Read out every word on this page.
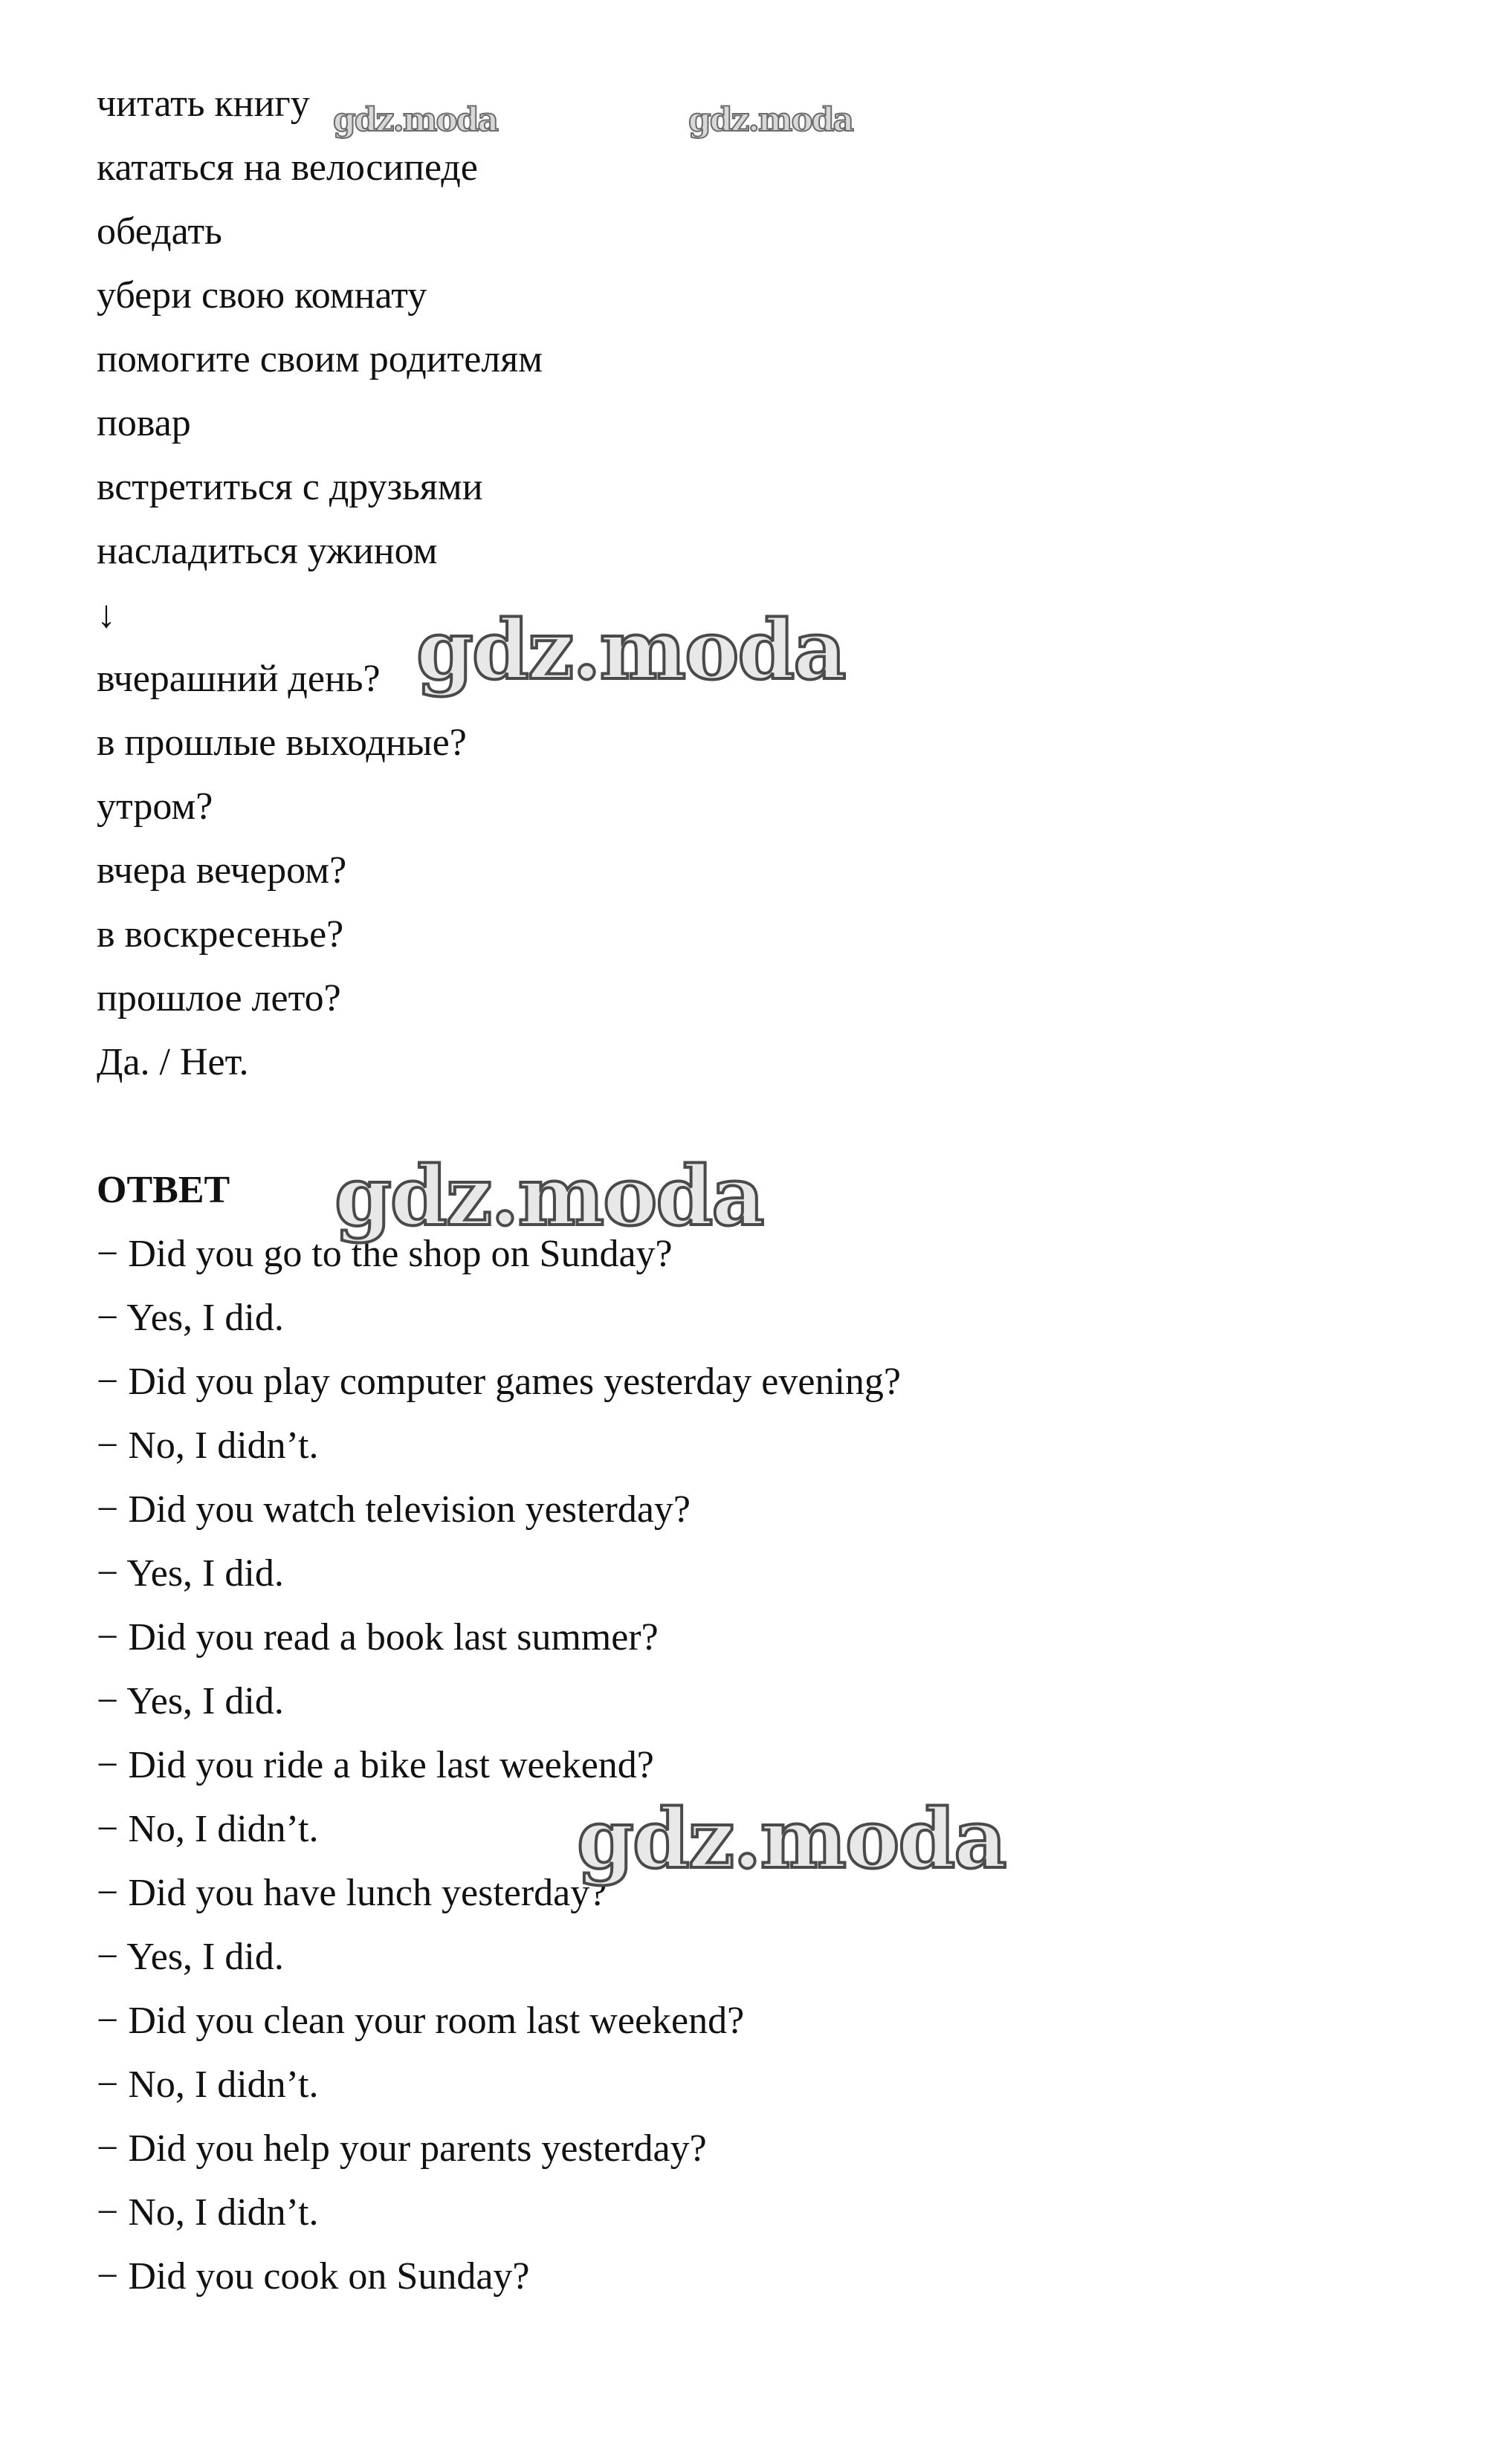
читать книгу
кататься на велосипеде
обедать
убери свою комнату
помогите своим родителям
повар
встретиться с друзьями
насладиться ужином
↓
вчерашний день?
в прошлые выходные?
утром?
вчера вечером?
в воскресенье?
прошлое лето?
Да. / Нет.
ОТВЕТ
− Did you go to the shop on Sunday?
− Yes, I did.
− Did you play computer games yesterday evening?
− No, I didn’t.
− Did you watch television yesterday?
− Yes, I did.
− Did you read a book last summer?
− Yes, I did.
− Did you ride a bike last weekend?
− No, I didn’t.
− Did you have lunch yesterday?
− Yes, I did.
− Did you clean your room last weekend?
− No, I didn’t.
− Did you help your parents yesterday?
− No, I didn’t.
− Did you cook on Sunday?
gdz.moda	gdz.moda
gdz.moda
gdz.moda
gdz.moda
